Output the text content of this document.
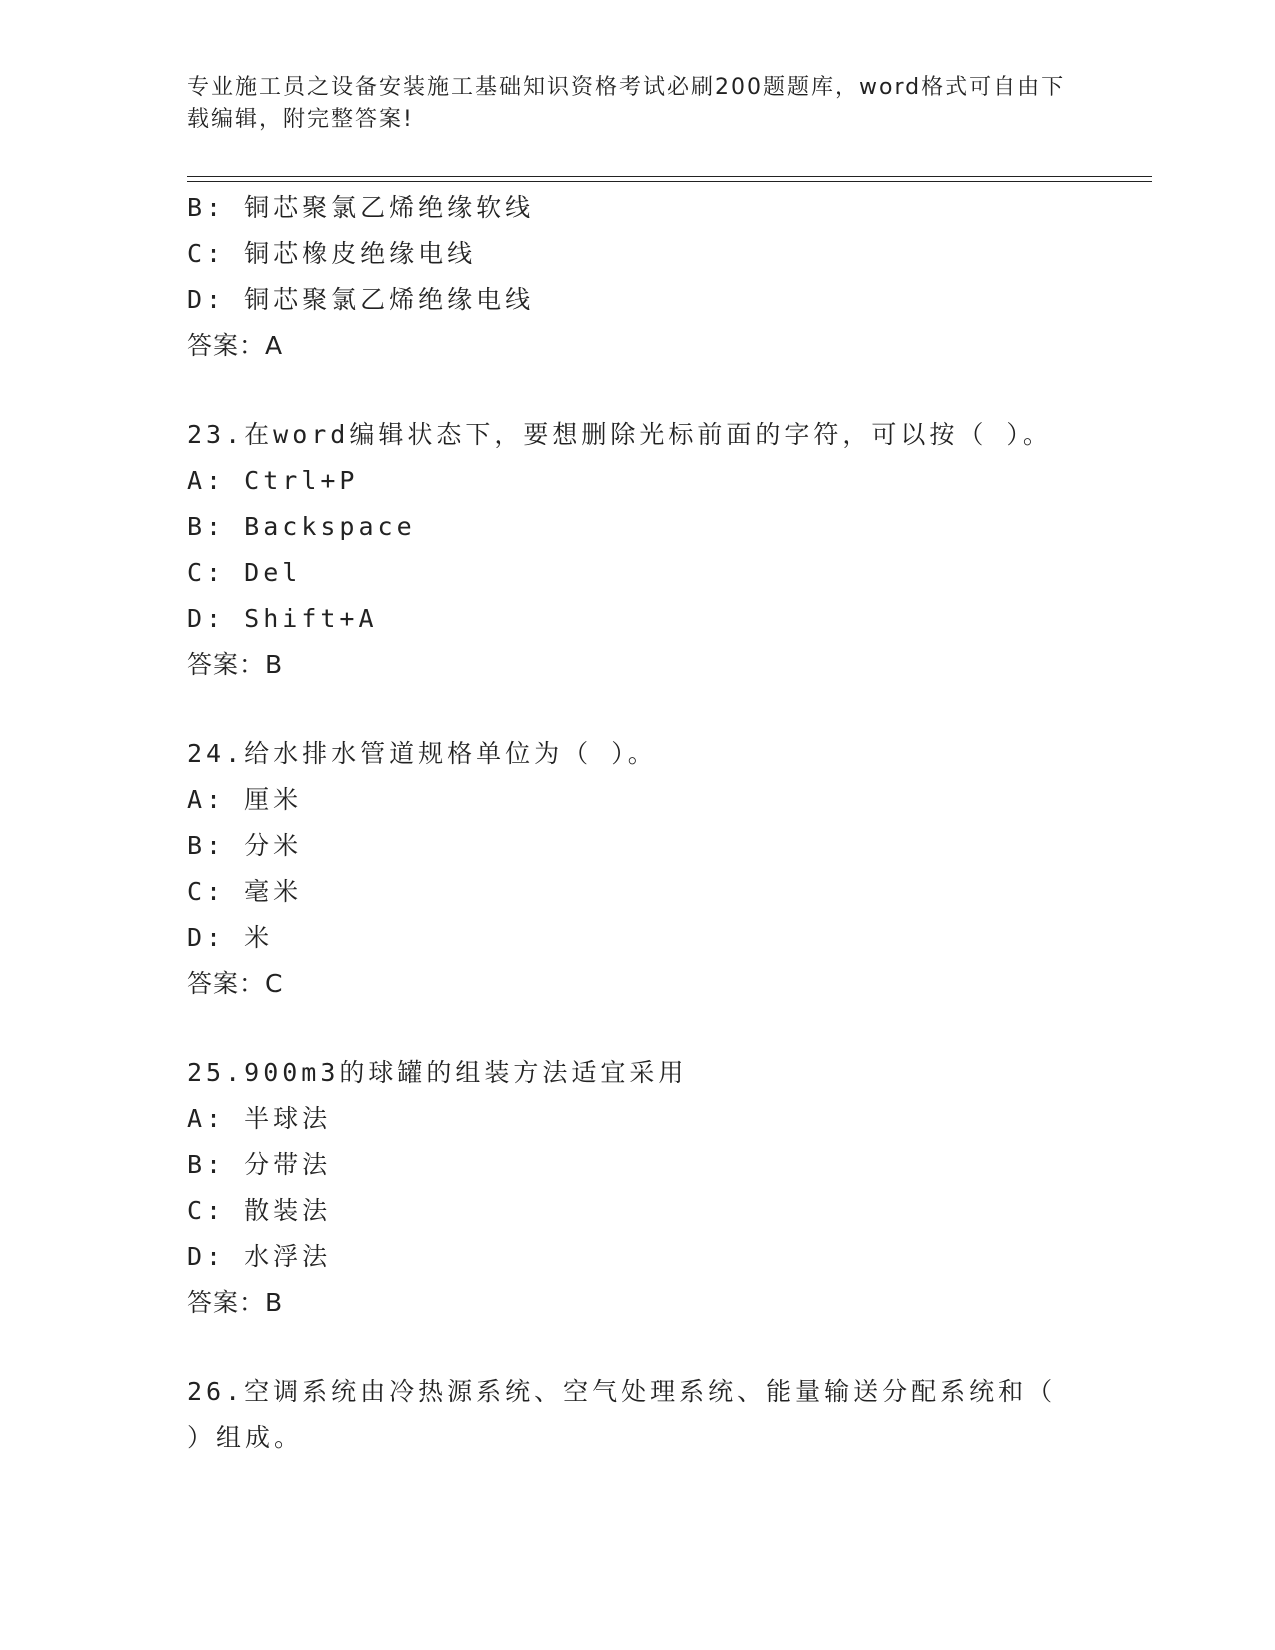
专业施工员之设备安装施工基础知识资格考试必刷200题题库，word格式可自由下载编辑，附完整答案!
B: 铜芯聚氯乙烯绝缘软线
C: 铜芯橡皮绝缘电线
D: 铜芯聚氯乙烯绝缘电线
答案：A
23.在word编辑状态下，要想删除光标前面的字符，可以按（ ）。
A: Ctrl+P
B: Backspace
C: Del
D: Shift+A
答案：B
24.给水排水管道规格单位为（ ）。
A: 厘米
B: 分米
C: 毫米
D: 米
答案：C
25.900m3的球罐的组装方法适宜采用
A: 半球法
B: 分带法
C: 散装法
D: 水浮法
答案：B
26.空调系统由冷热源系统、空气处理系统、能量输送分配系统和（
）组成。
